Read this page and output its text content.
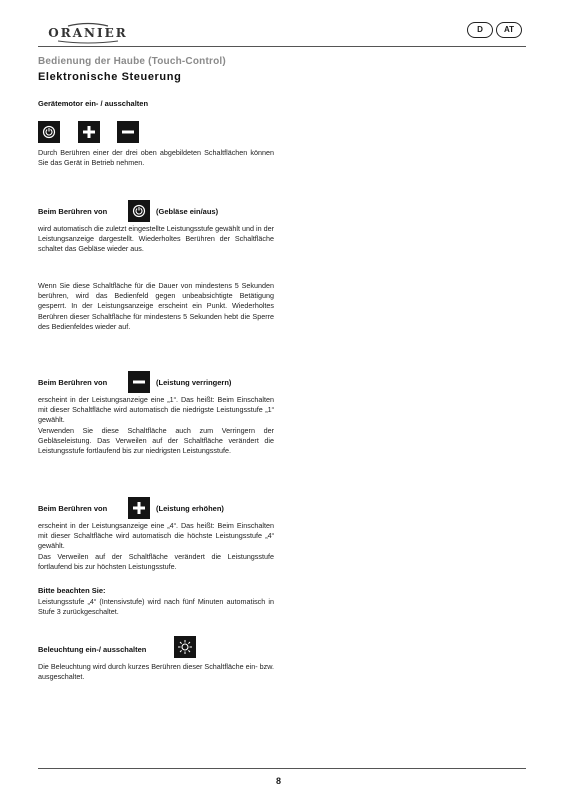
ORANIER	D	AT
Bedienung der Haube (Touch-Control)
Elektronische Steuerung
Gerätemotor ein- / ausschalten

Durch Berühren einer der drei oben abgebildeten Schaltflächen können Sie das Gerät in Betrieb nehmen.

Beim Berühren von	(Gebläse ein/aus)

wird automatisch die zuletzt eingestellte Leistungsstufe gewählt und in der Leistungsanzeige dargestellt. Wiederholtes Berühren der Schaltfläche schaltet das Gebläse wieder aus.

Wenn Sie diese Schaltfläche für die Dauer von mindestens 5 Sekunden berühren, wird das Bedienfeld gegen unbeabsichtigte Betätigung gesperrt. In der Leistungsanzeige erscheint ein Punkt. Wiederholtes Berühren dieser Schaltfläche für mindestens 5 Sekunden hebt die Sperre des Bedienfeldes wieder auf.

Beim Berühren von	(Leistung verringern)

erscheint in der Leistungsanzeige eine „1“. Das heißt: Beim Einschalten mit dieser Schaltfläche wird automatisch die niedrigste Leistungsstufe „1“ gewählt.

Verwenden Sie diese Schaltfläche auch zum Verringern der Gebläseleistung. Das Verweilen auf der Schaltfläche verändert die Leistungsstufe fortlaufend bis zur niedrigsten Leistungsstufe.

Beim Berühren von	(Leistung erhöhen)

erscheint in der Leistungsanzeige eine „4“. Das heißt: Beim Einschalten mit dieser Schaltfläche wird automatisch die höchste Leistungsstufe „4“ gewählt.

Das Verweilen auf der Schaltfläche verändert die Leistungsstufe fortlaufend bis zur höchsten Leistungsstufe.

Bitte beachten Sie:

Leistungsstufe „4“ (Intensivstufe) wird nach fünf Minuten automatisch in Stufe 3 zurückgeschaltet.

Beleuchtung ein-/ ausschalten

Die Beleuchtung wird durch kurzes Berühren dieser Schaltfläche ein- bzw. ausgeschaltet.

8
